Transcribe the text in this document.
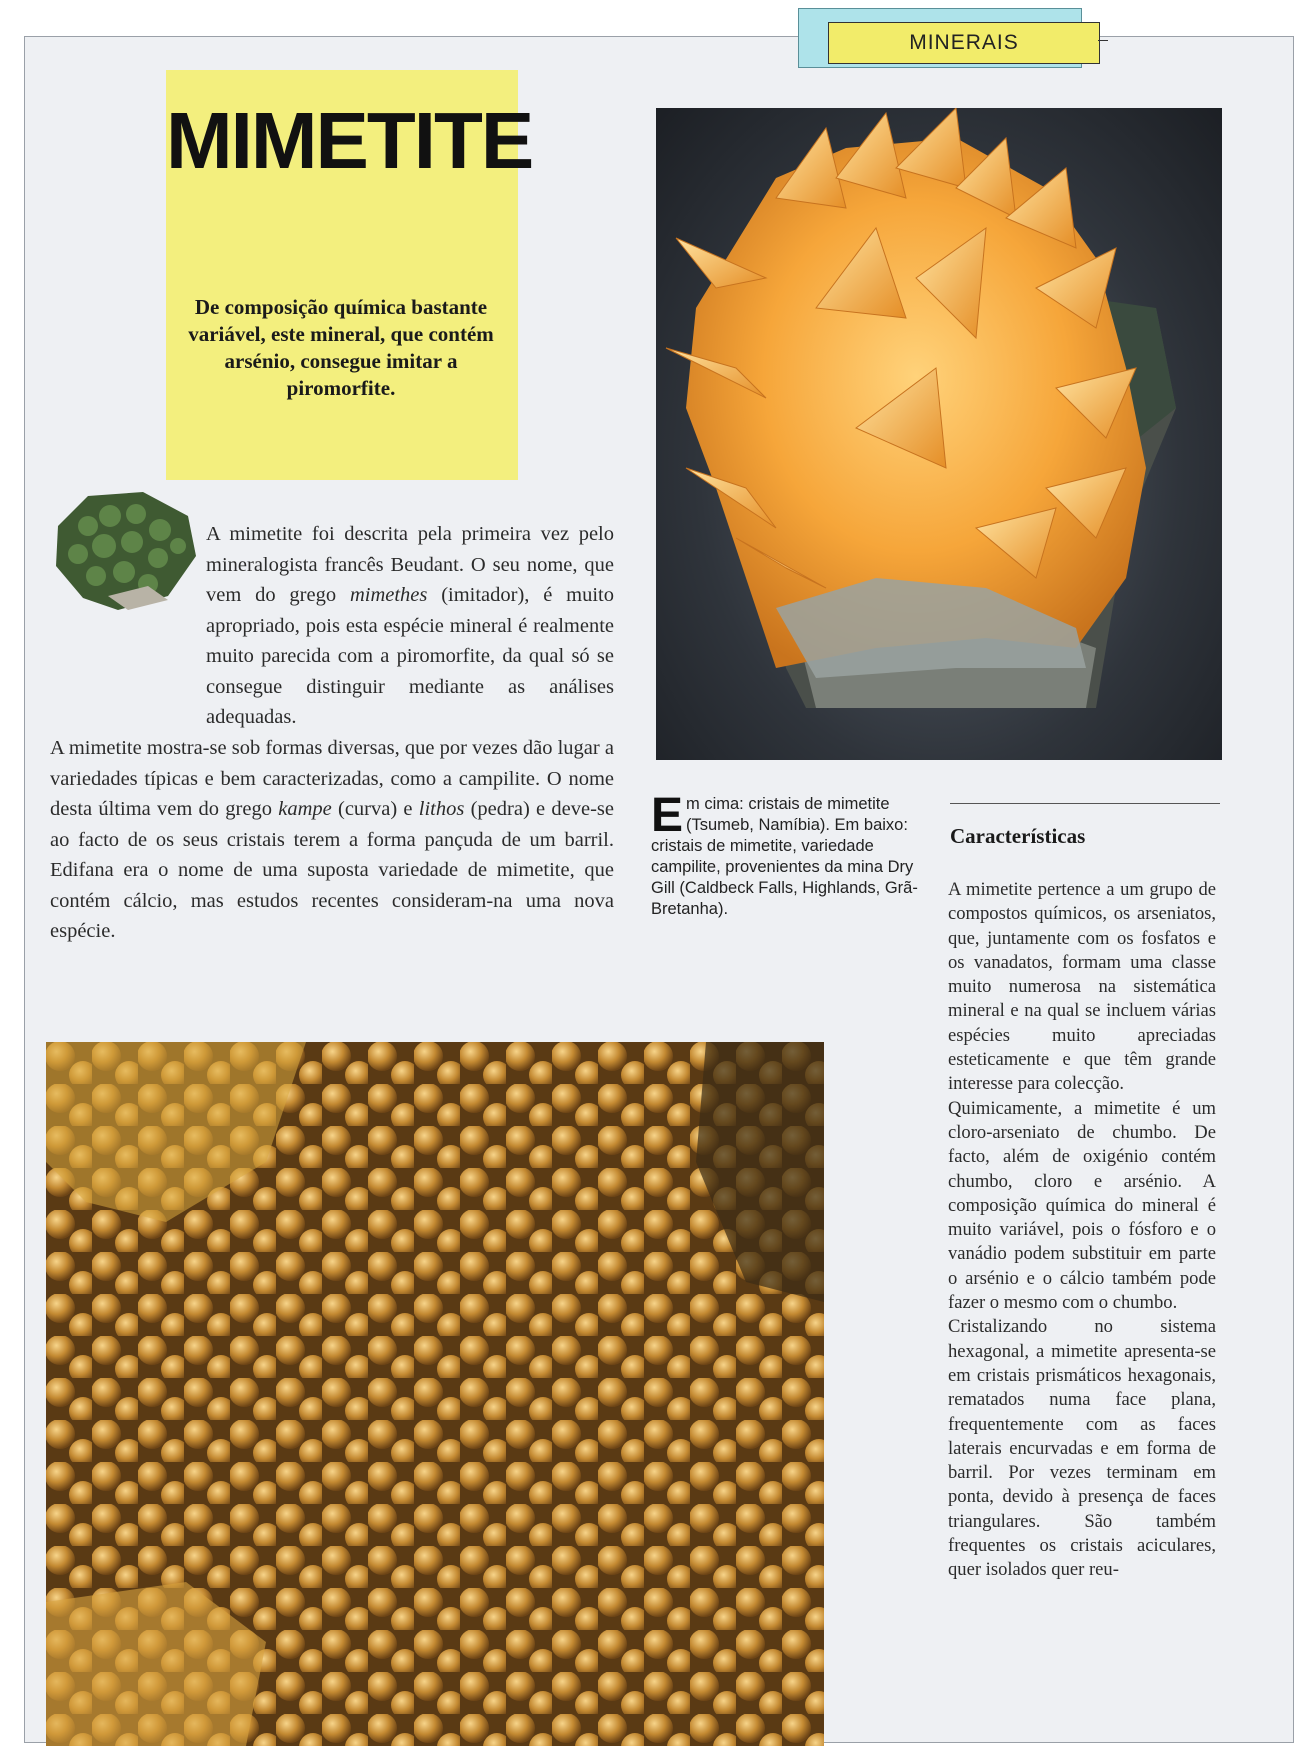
MINERAIS
MIMETITE
De composição química bastante variável, este mineral, que contém arsénio, consegue imitar a piromorfite.

A mimetite foi descrita pela primeira vez pelo mineralogista francês Beudant. O seu nome, que vem do grego mimethes (imitador), é muito apropriado, pois esta espécie mineral é realmente muito parecida com a piromorfite, da qual só se consegue distinguir mediante as análises adequadas.

A mimetite mostra-se sob formas diversas, que por vezes dão lugar a variedades típicas e bem caracterizadas, como a campilite. O nome desta última vem do grego kampe (curva) e lithos (pedra) e deve-se ao facto de os seus cristais terem a forma pançuda de um barril. Edifana era o nome de uma suposta variedade de mimetite, que contém cálcio, mas estudos recentes consideram-na uma nova espécie.

Em cima: cristais de mimetite (Tsumeb, Namíbia). Em baixo: cristais de mimetite, variedade campilite, provenientes da mina Dry Gill (Caldbeck Falls, Highlands, Grã-Bretanha).
Características

A mimetite pertence a um grupo de compostos químicos, os arseniatos, que, juntamente com os fosfatos e os vanadatos, formam uma classe muito numerosa na sistemática mineral e na qual se incluem várias espécies muito apreciadas esteticamente e que têm grande interesse para colecção.

Quimicamente, a mimetite é um cloro-arseniato de chumbo. De facto, além de oxigénio contém chumbo, cloro e arsénio. A composição química do mineral é muito variável, pois o fósforo e o vanádio podem substituir em parte o arsénio e o cálcio também pode fazer o mesmo com o chumbo.

Cristalizando no sistema hexagonal, a mimetite apresenta-se em cristais prismáticos hexagonais, rematados numa face plana, frequentemente com as faces laterais encurvadas e em forma de barril. Por vezes terminam em ponta, devido à presença de faces triangulares. São também frequentes os cristais aciculares, quer isolados quer reu-
